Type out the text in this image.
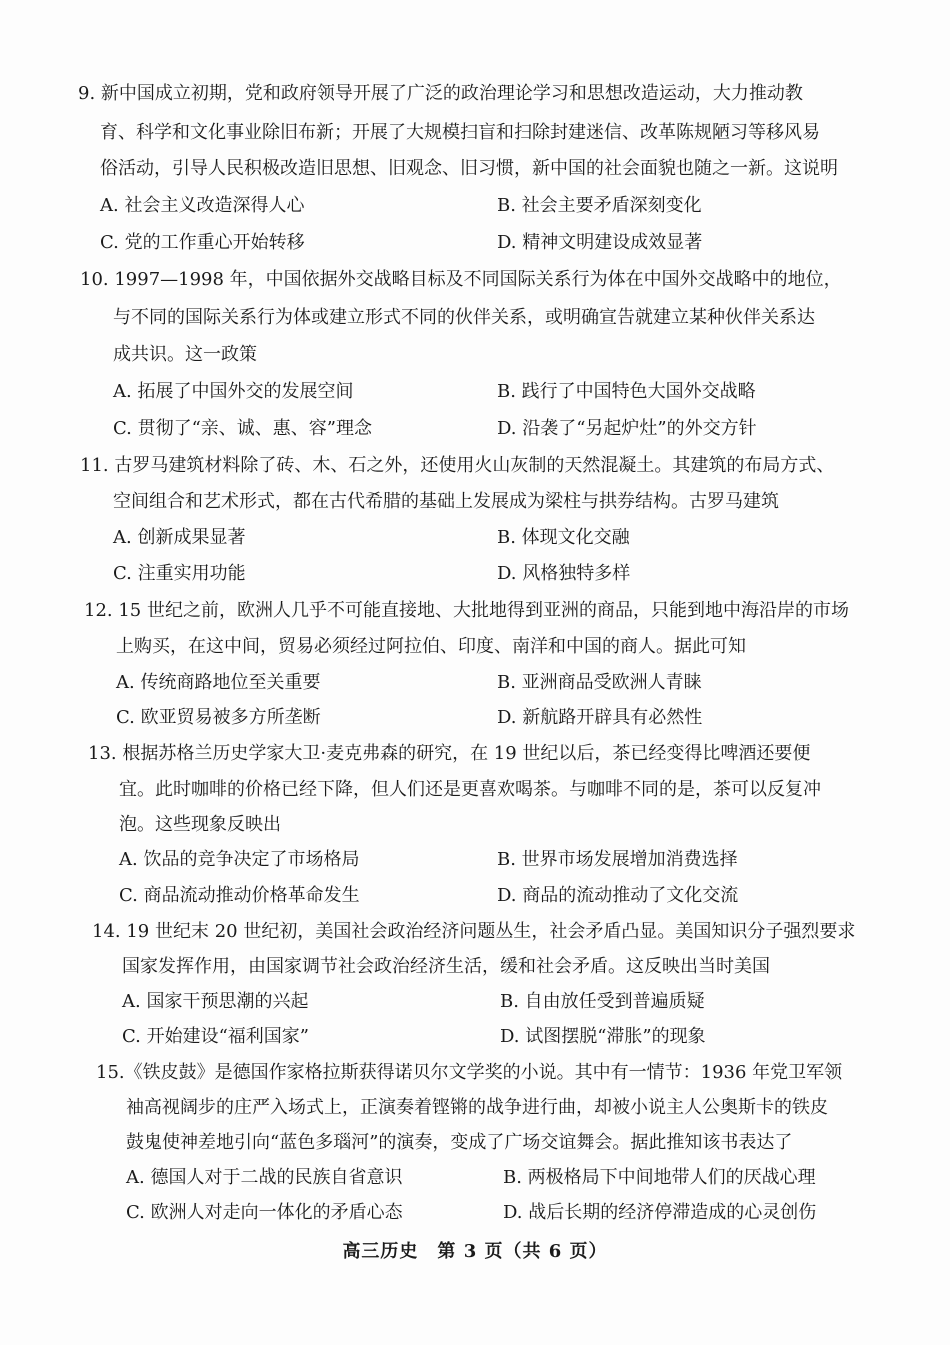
9. 新中国成立初期，党和政府领导开展了广泛的政治理论学习和思想改造运动，大力推动教
育、科学和文化事业除旧布新；开展了大规模扫盲和扫除封建迷信、改革陈规陋习等移风易
俗活动，引导人民积极改造旧思想、旧观念、旧习惯，新中国的社会面貌也随之一新。这说明
A. 社会主义改造深得人心	B. 社会主要矛盾深刻变化
C. 党的工作重心开始转移	D. 精神文明建设成效显著
10. 1997—1998 年，中国依据外交战略目标及不同国际关系行为体在中国外交战略中的地位，
与不同的国际关系行为体或建立形式不同的伙伴关系，或明确宣告就建立某种伙伴关系达
成共识。这一政策
A. 拓展了中国外交的发展空间	B. 践行了中国特色大国外交战略
C. 贯彻了“亲、诚、惠、容”理念	D. 沿袭了“另起炉灶”的外交方针
11. 古罗马建筑材料除了砖、木、石之外，还使用火山灰制的天然混凝土。其建筑的布局方式、
空间组合和艺术形式，都在古代希腊的基础上发展成为梁柱与拱券结构。古罗马建筑
A. 创新成果显著	B. 体现文化交融
C. 注重实用功能	D. 风格独特多样
12. 15 世纪之前，欧洲人几乎不可能直接地、大批地得到亚洲的商品，只能到地中海沿岸的市场
上购买，在这中间，贸易必须经过阿拉伯、印度、南洋和中国的商人。据此可知
A. 传统商路地位至关重要	B. 亚洲商品受欧洲人青睐
C. 欧亚贸易被多方所垄断	D. 新航路开辟具有必然性
13. 根据苏格兰历史学家大卫·麦克弗森的研究，在 19 世纪以后，茶已经变得比啤酒还要便
宜。此时咖啡的价格已经下降，但人们还是更喜欢喝茶。与咖啡不同的是，茶可以反复冲
泡。这些现象反映出
A. 饮品的竞争决定了市场格局	B. 世界市场发展增加消费选择
C. 商品流动推动价格革命发生	D. 商品的流动推动了文化交流
14. 19 世纪末 20 世纪初，美国社会政治经济问题丛生，社会矛盾凸显。美国知识分子强烈要求
国家发挥作用，由国家调节社会政治经济生活，缓和社会矛盾。这反映出当时美国
A. 国家干预思潮的兴起	B. 自由放任受到普遍质疑
C. 开始建设“福利国家”	D. 试图摆脱“滞胀”的现象
15.《铁皮鼓》是德国作家格拉斯获得诺贝尔文学奖的小说。其中有一情节：1936 年党卫军领
袖高视阔步的庄严入场式上，正演奏着铿锵的战争进行曲，却被小说主人公奥斯卡的铁皮
鼓鬼使神差地引向“蓝色多瑙河”的演奏，变成了广场交谊舞会。据此推知该书表达了
A. 德国人对于二战的民族自省意识	B. 两极格局下中间地带人们的厌战心理
C. 欧洲人对走向一体化的矛盾心态	D. 战后长期的经济停滞造成的心灵创伤
高三历史　第 3 页（共 6 页）
